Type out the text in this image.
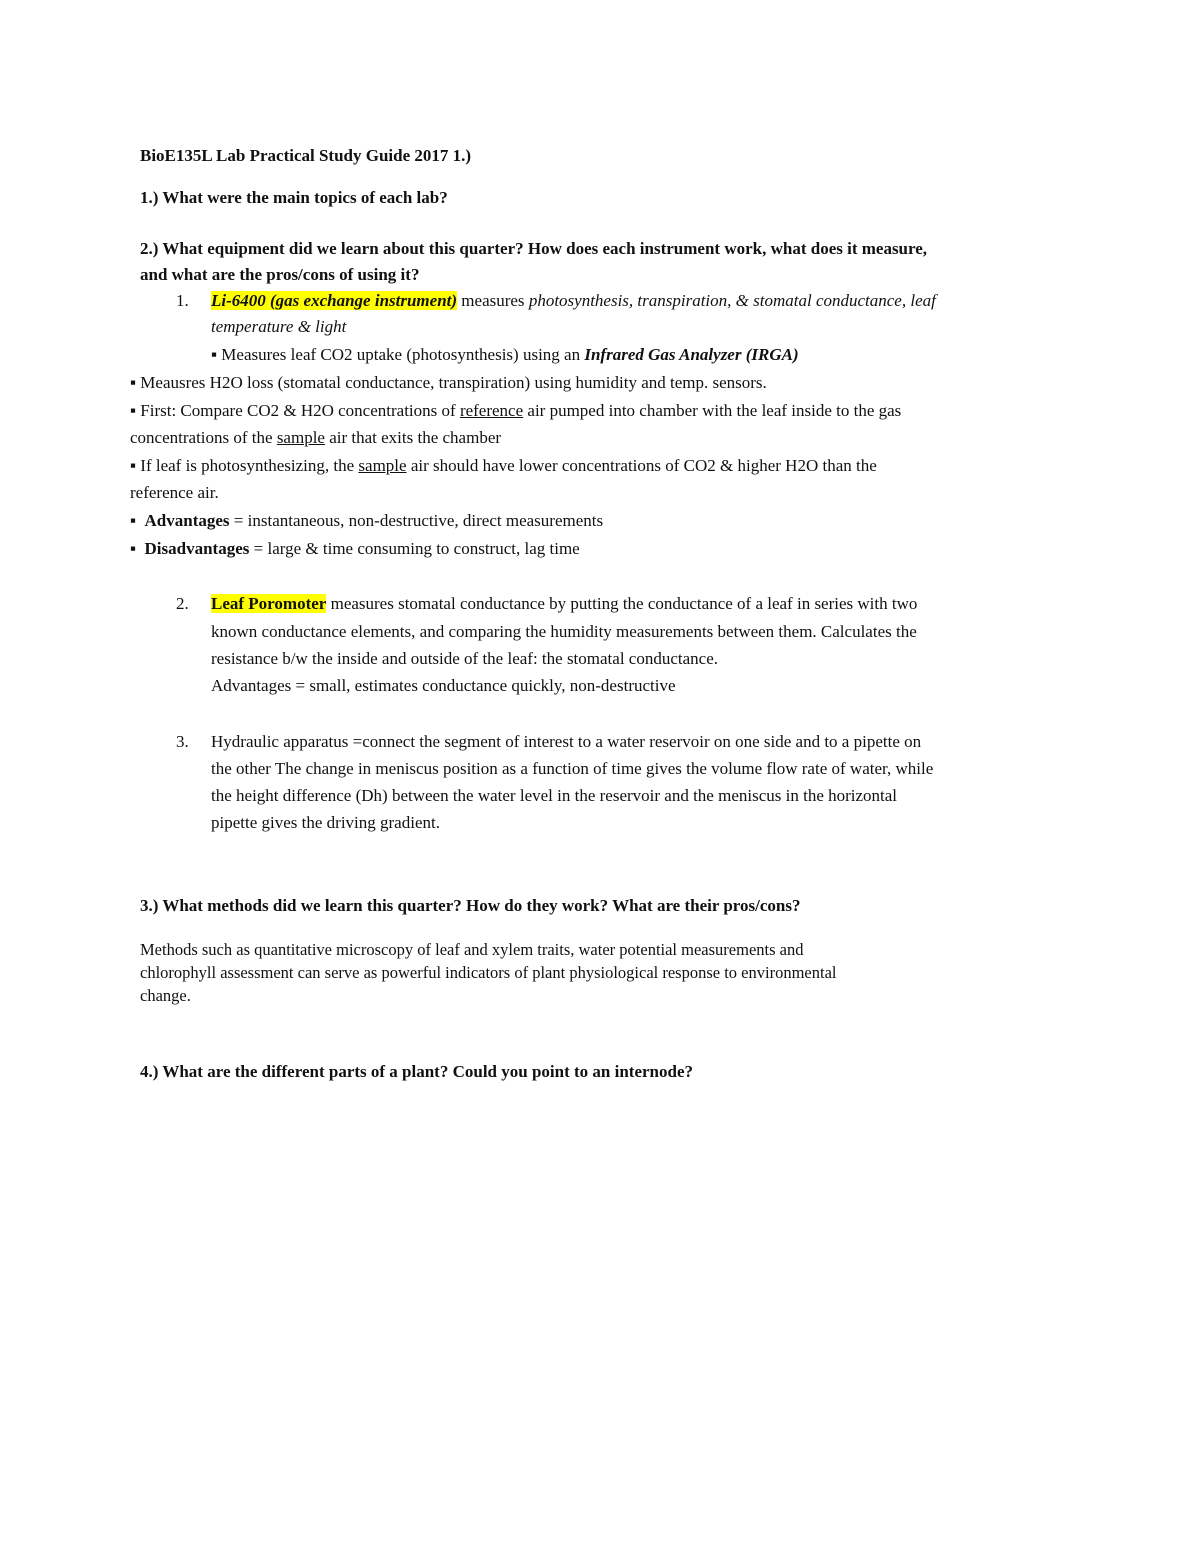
BioE135L Lab Practical Study Guide 2017 1.)
1.) What were the main topics of each lab?
2.) What equipment did we learn about this quarter? How does each instrument work, what does it measure,
and what are the pros/cons of using it?
1. Li-6400 (gas exchange instrument) measures photosynthesis, transpiration, & stomatal conductance, leaf
temperature & light
▪ Measures leaf CO2 uptake (photosynthesis) using an Infrared Gas Analyzer (IRGA)
▪ Meausres H2O loss (stomatal conductance, transpiration) using humidity and temp. sensors.
▪ First: Compare CO2 & H2O concentrations of reference air pumped into chamber with the leaf inside to the gas
concentrations of the sample air that exits the chamber
▪ If leaf is photosynthesizing, the sample air should have lower concentrations of CO2 & higher H2O than the
reference air.
▪ Advantages = instantaneous, non-destructive, direct measurements
▪ Disadvantages = large & time consuming to construct, lag time
2. Leaf Poromoter measures stomatal conductance by putting the conductance of a leaf in series with two
known conductance elements, and comparing the humidity measurements between them. Calculates the
resistance b/w the inside and outside of the leaf: the stomatal conductance.
Advantages = small, estimates conductance quickly, non-destructive
3. Hydraulic apparatus =connect the segment of interest to a water reservoir on one side and to a pipette on
the other The change in meniscus position as a function of time gives the volume flow rate of water, while
the height difference (Dh) between the water level in the reservoir and the meniscus in the horizontal
pipette gives the driving gradient.
3.) What methods did we learn this quarter? How do they work? What are their pros/cons?
Methods such as quantitative microscopy of leaf and xylem traits, water potential measurements and
chlorophyll assessment can serve as powerful indicators of plant physiological response to environmental
change.
4.) What are the different parts of a plant? Could you point to an internode?
